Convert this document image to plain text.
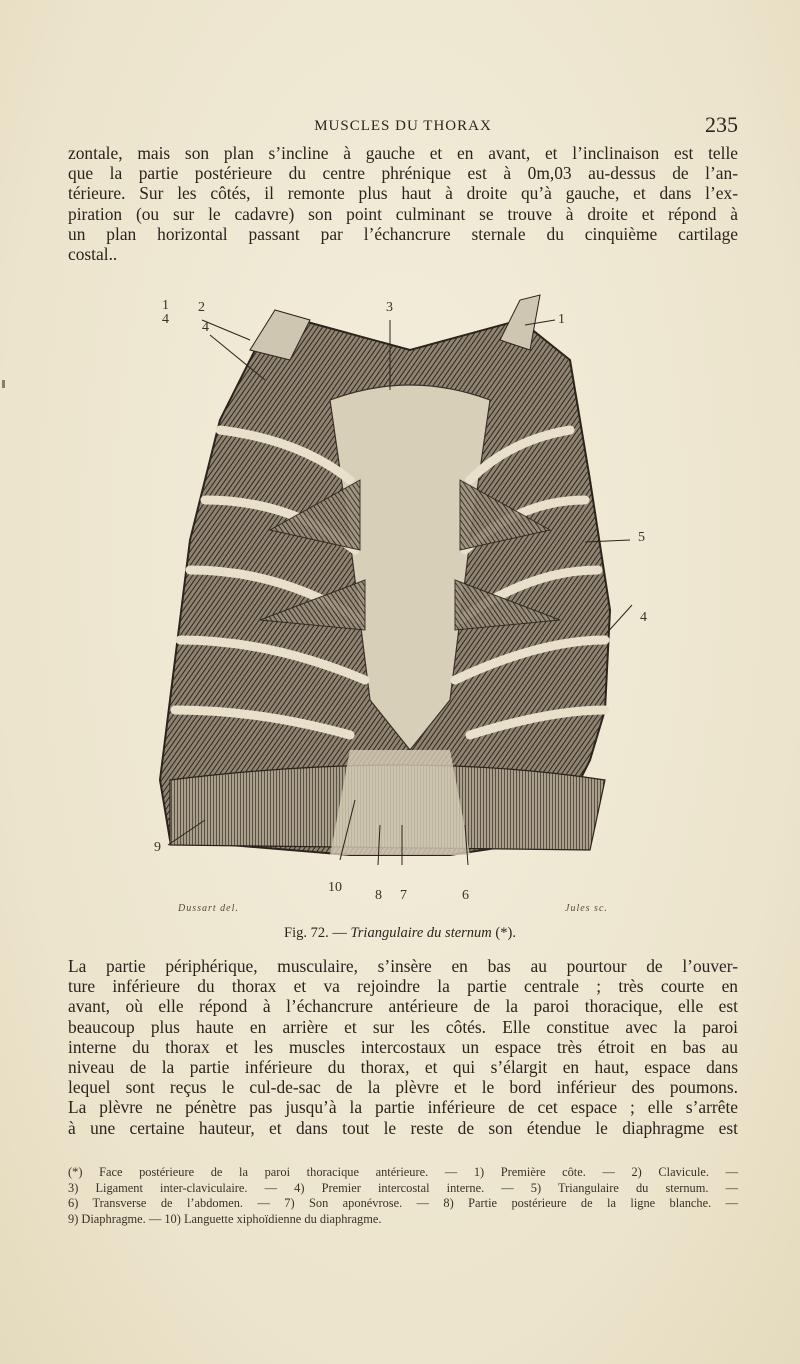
MUSCLES DU THORAX	235
zontale, mais son plan s’incline à gauche et en avant, et l’inclinaison est telle
que la partie postérieure du centre phrénique est à 0m,03 au-dessus de l’an-
térieure. Sur les côtés, il remonte plus haut à droite qu’à gauche, et dans l’ex-
piration (ou sur le cadavre) son point culminant se trouve à droite et répond à
un plan horizontal passant par l’échancrure sternale du cinquième cartilage
costal..
1
4
2
4
3
1
5
4
9
10
8 7	6
Dussart del.	Jules sc.
Fig. 72. — Triangulaire du sternum (*).
La partie périphérique, musculaire, s’insère en bas au pourtour de l’ouver-
ture inférieure du thorax et va rejoindre la partie centrale ; très courte en
avant, où elle répond à l’échancrure antérieure de la paroi thoracique, elle est
beaucoup plus haute en arrière et sur les côtés. Elle constitue avec la paroi
interne du thorax et les muscles intercostaux un espace très étroit en bas au
niveau de la partie inférieure du thorax, et qui s’élargit en haut, espace dans
lequel sont reçus le cul-de-sac de la plèvre et le bord inférieur des poumons.
La plèvre ne pénètre pas jusqu’à la partie inférieure de cet espace ; elle s’arrête
à une certaine hauteur, et dans tout le reste de son étendue le diaphragme est
(*) Face postérieure de la paroi thoracique antérieure. — 1) Première côte. — 2) Clavicule. —
3) Ligament inter-claviculaire. — 4) Premier intercostal interne. — 5) Triangulaire du sternum. —
6) Transverse de l’abdomen. — 7) Son aponévrose. — 8) Partie postérieure de la ligne blanche. —
9) Diaphragme. — 10) Languette xiphoïdienne du diaphragme.
